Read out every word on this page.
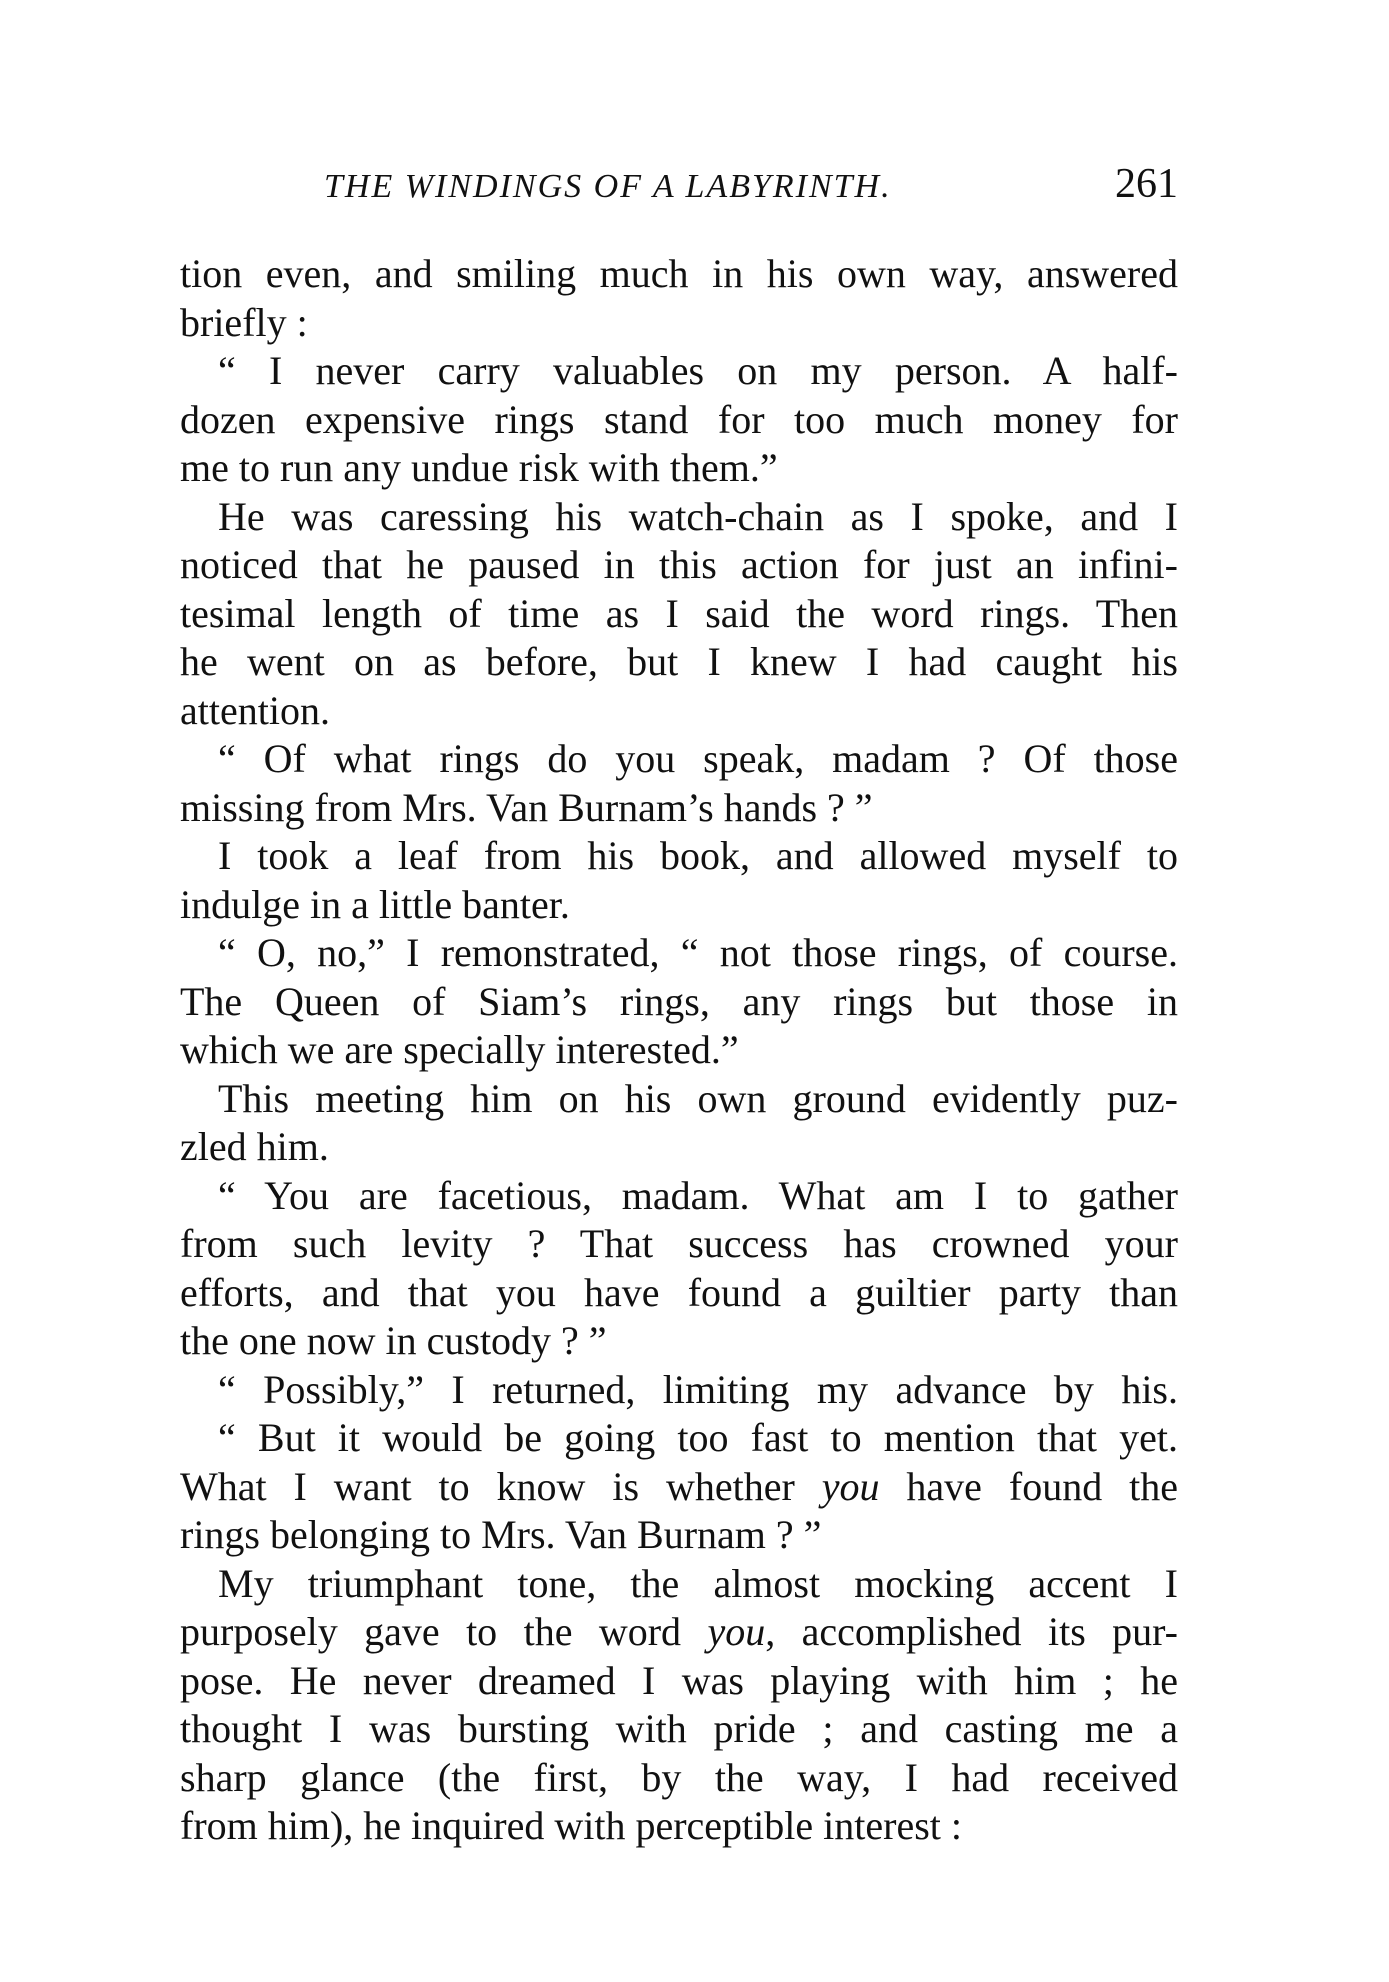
THE WINDINGS OF A LABYRINTH.	261
tion even, and smiling much in his own way, answered
briefly :
“ I never carry valuables on my person. A half-
dozen expensive rings stand for too much money for
me to run any undue risk with them.”
He was caressing his watch-chain as I spoke, and I
noticed that he paused in this action for just an infini-
tesimal length of time as I said the word rings. Then
he went on as before, but I knew I had caught his
attention.
“ Of what rings do you speak, madam ? Of those
missing from Mrs. Van Burnam’s hands ? ”
I took a leaf from his book, and allowed myself to
indulge in a little banter.
“ O, no,” I remonstrated, “ not those rings, of course.
The Queen of Siam’s rings, any rings but those in
which we are specially interested.”
This meeting him on his own ground evidently puz-
zled him.
“ You are facetious, madam. What am I to gather
from such levity ? That success has crowned your
efforts, and that you have found a guiltier party than
the one now in custody ? ”
“ Possibly,” I returned, limiting my advance by his.
“ But it would be going too fast to mention that yet.
What I want to know is whether you have found the
rings belonging to Mrs. Van Burnam ? ”
My triumphant tone, the almost mocking accent I
purposely gave to the word you, accomplished its pur-
pose. He never dreamed I was playing with him ; he
thought I was bursting with pride ; and casting me a
sharp glance (the first, by the way, I had received
from him), he inquired with perceptible interest :
